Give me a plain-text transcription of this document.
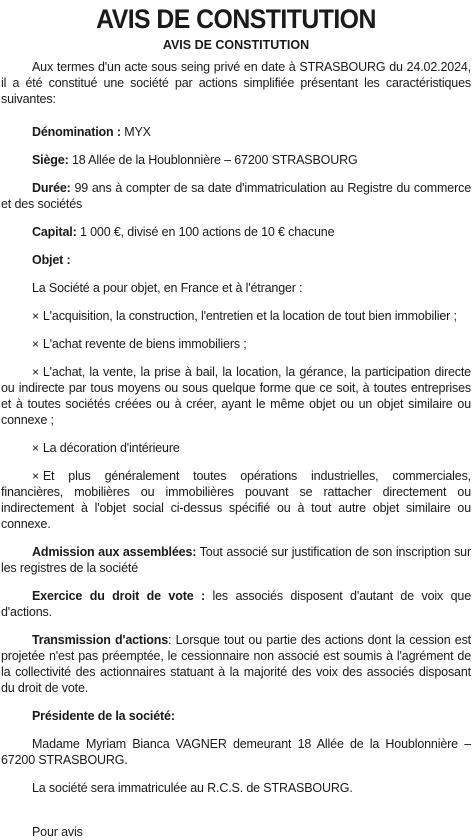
AVIS DE CONSTITUTION
AVIS DE CONSTITUTION

Aux termes d'un acte sous seing privé en date à STRASBOURG du 24.02.2024, il a été constitué une société par actions simplifiée présentant les caractéristiques suivantes:

Dénomination : MYX

Siège: 18 Allée de la Houblonnière – 67200 STRASBOURG

Durée: 99 ans à compter de sa date d'immatriculation au Registre du commerce et des sociétés

Capital: 1 000 €, divisé en 100 actions de 10 € chacune

Objet :

La Société a pour objet, en France et à l'étranger :

× L'acquisition, la construction, l'entretien et la location de tout bien immobilier ;

× L'achat revente de biens immobiliers ;

× L'achat, la vente, la prise à bail, la location, la gérance, la participation directe ou indirecte par tous moyens ou sous quelque forme que ce soit, à toutes entreprises et à toutes sociétés créées ou à créer, ayant le même objet ou un objet similaire ou connexe ;

× La décoration d'intérieure

× Et plus généralement toutes opérations industrielles, commerciales, financières, mobilières ou immobilières pouvant se rattacher directement ou indirectement à l'objet social ci-dessus spécifié ou à tout autre objet similaire ou connexe.

Admission aux assemblées: Tout associé sur justification de son inscription sur les registres de la société

Exercice du droit de vote : les associés disposent d'autant de voix que d'actions.

Transmission d'actions: Lorsque tout ou partie des actions dont la cession est projetée n'est pas préemptée, le cessionnaire non associé est soumis à l'agrément de la collectivité des actionnaires statuant à la majorité des voix des associés disposant du droit de vote.

Présidente de la société:

Madame Myriam Bianca VAGNER demeurant 18 Allée de la Houblonnière – 67200 STRASBOURG.

La société sera immatriculée au R.C.S. de STRASBOURG.

Pour avis
